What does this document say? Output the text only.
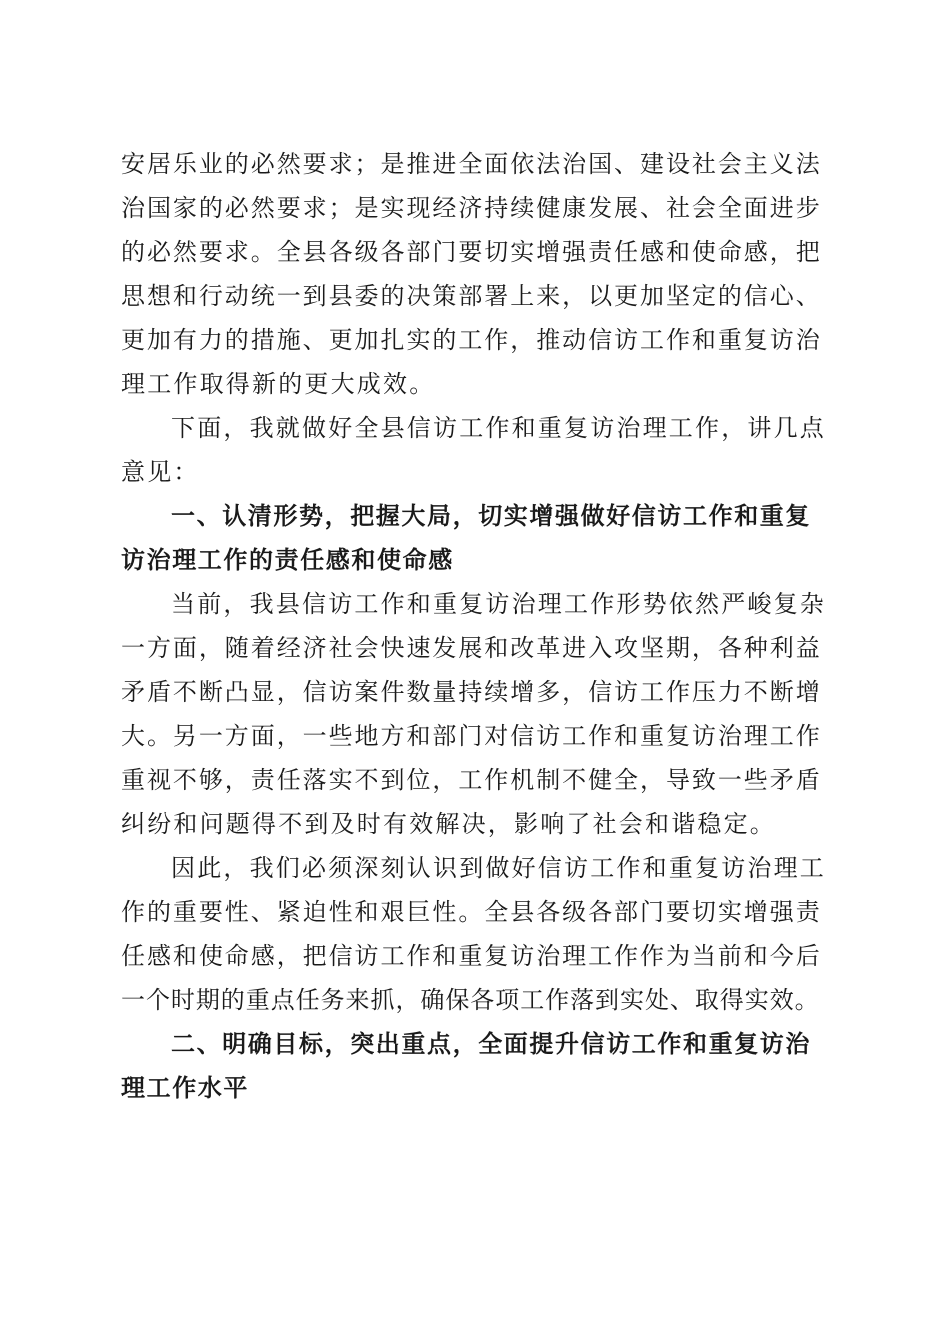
安居乐业的必然要求；是推进全面依法治国、建设社会主义法
治国家的必然要求；是实现经济持续健康发展、社会全面进步
的必然要求。全县各级各部门要切实增强责任感和使命感，把
思想和行动统一到县委的决策部署上来，以更加坚定的信心、
更加有力的措施、更加扎实的工作，推动信访工作和重复访治
理工作取得新的更大成效。
下面，我就做好全县信访工作和重复访治理工作，讲几点
意见：
一、认清形势，把握大局，切实增强做好信访工作和重复
访治理工作的责任感和使命感
当前，我县信访工作和重复访治理工作形势依然严峻复杂
一方面，随着经济社会快速发展和改革进入攻坚期，各种利益
矛盾不断凸显，信访案件数量持续增多，信访工作压力不断增
大。另一方面，一些地方和部门对信访工作和重复访治理工作
重视不够，责任落实不到位，工作机制不健全，导致一些矛盾
纠纷和问题得不到及时有效解决，影响了社会和谐稳定。
因此，我们必须深刻认识到做好信访工作和重复访治理工
作的重要性、紧迫性和艰巨性。全县各级各部门要切实增强责
任感和使命感，把信访工作和重复访治理工作作为当前和今后
一个时期的重点任务来抓，确保各项工作落到实处、取得实效。
二、明确目标，突出重点，全面提升信访工作和重复访治
理工作水平
